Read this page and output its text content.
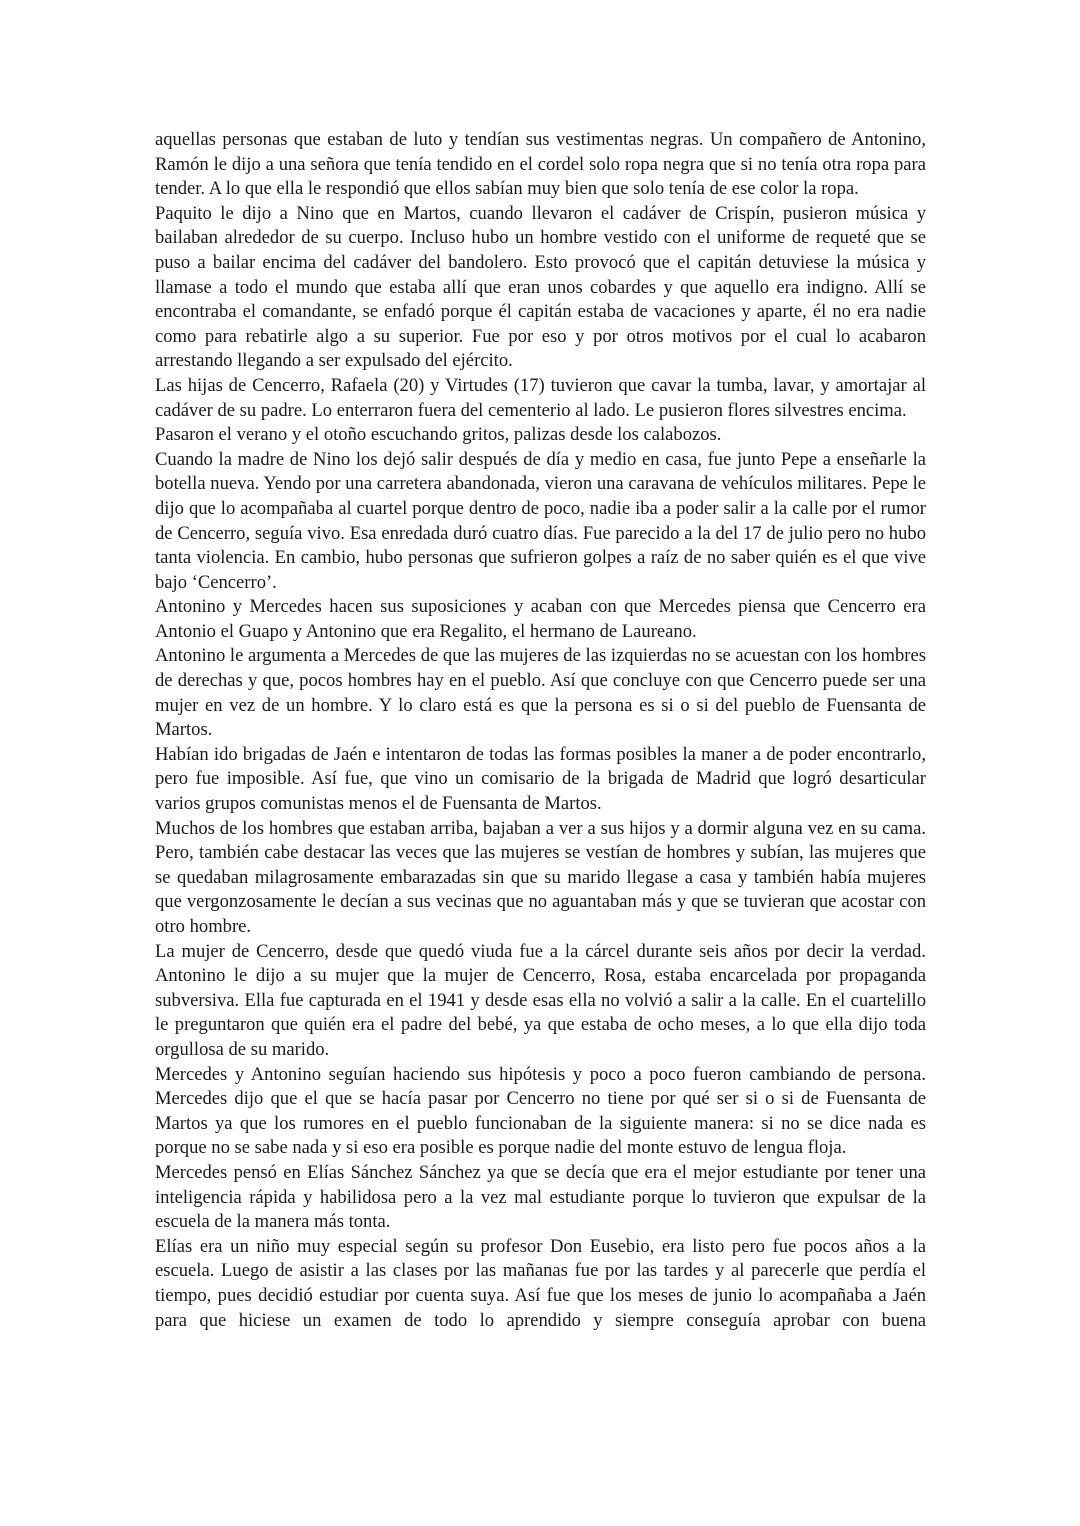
aquellas personas que estaban de luto y tendían sus vestimentas negras. Un compañero de Antonino, Ramón le dijo a una señora que tenía tendido en el cordel solo ropa negra que si no tenía otra ropa para tender. A lo que ella le respondió que ellos sabían muy bien que solo tenía de ese color la ropa.

Paquito le dijo a Nino que en Martos, cuando llevaron el cadáver de Crispín, pusieron música y bailaban alrededor de su cuerpo. Incluso hubo un hombre vestido con el uniforme de requeté que se puso a bailar encima del cadáver del bandolero. Esto provocó que el capitán detuviese la música y llamase a todo el mundo que estaba allí que eran unos cobardes y que aquello era indigno. Allí se encontraba el comandante, se enfadó porque él capitán estaba de vacaciones y aparte, él no era nadie como para rebatirle algo a su superior. Fue por eso y por otros motivos por el cual lo acabaron arrestando llegando a ser expulsado del ejército.

Las hijas de Cencerro, Rafaela (20) y Virtudes (17) tuvieron que cavar la tumba, lavar, y amortajar al cadáver de su padre. Lo enterraron fuera del cementerio al lado. Le pusieron flores silvestres encima.

Pasaron el verano y el otoño escuchando gritos, palizas desde los calabozos.

Cuando la madre de Nino los dejó salir después de día y medio en casa, fue junto Pepe a enseñarle la botella nueva. Yendo por una carretera abandonada, vieron una caravana de vehículos militares. Pepe le dijo que lo acompañaba al cuartel porque dentro de poco, nadie iba a poder salir a la calle por el rumor de Cencerro, seguía vivo. Esa enredada duró cuatro días. Fue parecido a la del 17 de julio pero no hubo tanta violencia. En cambio, hubo personas que sufrieron golpes a raíz de no saber quién es el que vive bajo ‘Cencerro’.

Antonino y Mercedes hacen sus suposiciones y acaban con que Mercedes piensa que Cencerro era Antonio el Guapo y Antonino que era Regalito, el hermano de Laureano.

Antonino le argumenta a Mercedes de que las mujeres de las izquierdas no se acuestan con los hombres de derechas y que, pocos hombres hay en el pueblo. Así que concluye con que Cencerro puede ser una mujer en vez de un hombre. Y lo claro está es que la persona es si o si del pueblo de Fuensanta de Martos.

Habían ido brigadas de Jaén e intentaron de todas las formas posibles la maner a de poder encontrarlo, pero fue imposible. Así fue, que vino un comisario de la brigada de Madrid que logró desarticular varios grupos comunistas menos el de Fuensanta de Martos.

Muchos de los hombres que estaban arriba, bajaban a ver a sus hijos y a dormir alguna vez en su cama. Pero, también cabe destacar las veces que las mujeres se vestían de hombres y subían, las mujeres que se quedaban milagrosamente embarazadas sin que su marido llegase a casa y también había mujeres que vergonzosamente le decían a sus vecinas que no aguantaban más y que se tuvieran que acostar con otro hombre.

La mujer de Cencerro, desde que quedó viuda fue a la cárcel durante seis años por decir la verdad. Antonino le dijo a su mujer que la mujer de Cencerro, Rosa, estaba encarcelada por propaganda subversiva. Ella fue capturada en el 1941 y desde esas ella no volvió a salir a la calle. En el cuartelillo le preguntaron que quién era el padre del bebé, ya que estaba de ocho meses, a lo que ella dijo toda orgullosa de su marido.

Mercedes y Antonino seguían haciendo sus hipótesis y poco a poco fueron cambiando de persona. Mercedes dijo que el que se hacía pasar por Cencerro no tiene por qué ser si o si de Fuensanta de Martos ya que los rumores en el pueblo funcionaban de la siguiente manera: si no se dice nada es porque no se sabe nada y si eso era posible es porque nadie del monte estuvo de lengua floja.

Mercedes pensó en Elías Sánchez Sánchez ya que se decía que era el mejor estudiante por tener una inteligencia rápida y habilidosa pero a la vez mal estudiante porque lo tuvieron que expulsar de la escuela de la manera más tonta.

Elías era un niño muy especial según su profesor Don Eusebio, era listo pero fue pocos años a la escuela. Luego de asistir a las clases por las mañanas fue por las tardes y al parecerle que perdía el tiempo, pues decidió estudiar por cuenta suya. Así fue que los meses de junio lo acompañaba a Jaén para que hiciese un examen de todo lo aprendido y siempre conseguía aprobar con buena
